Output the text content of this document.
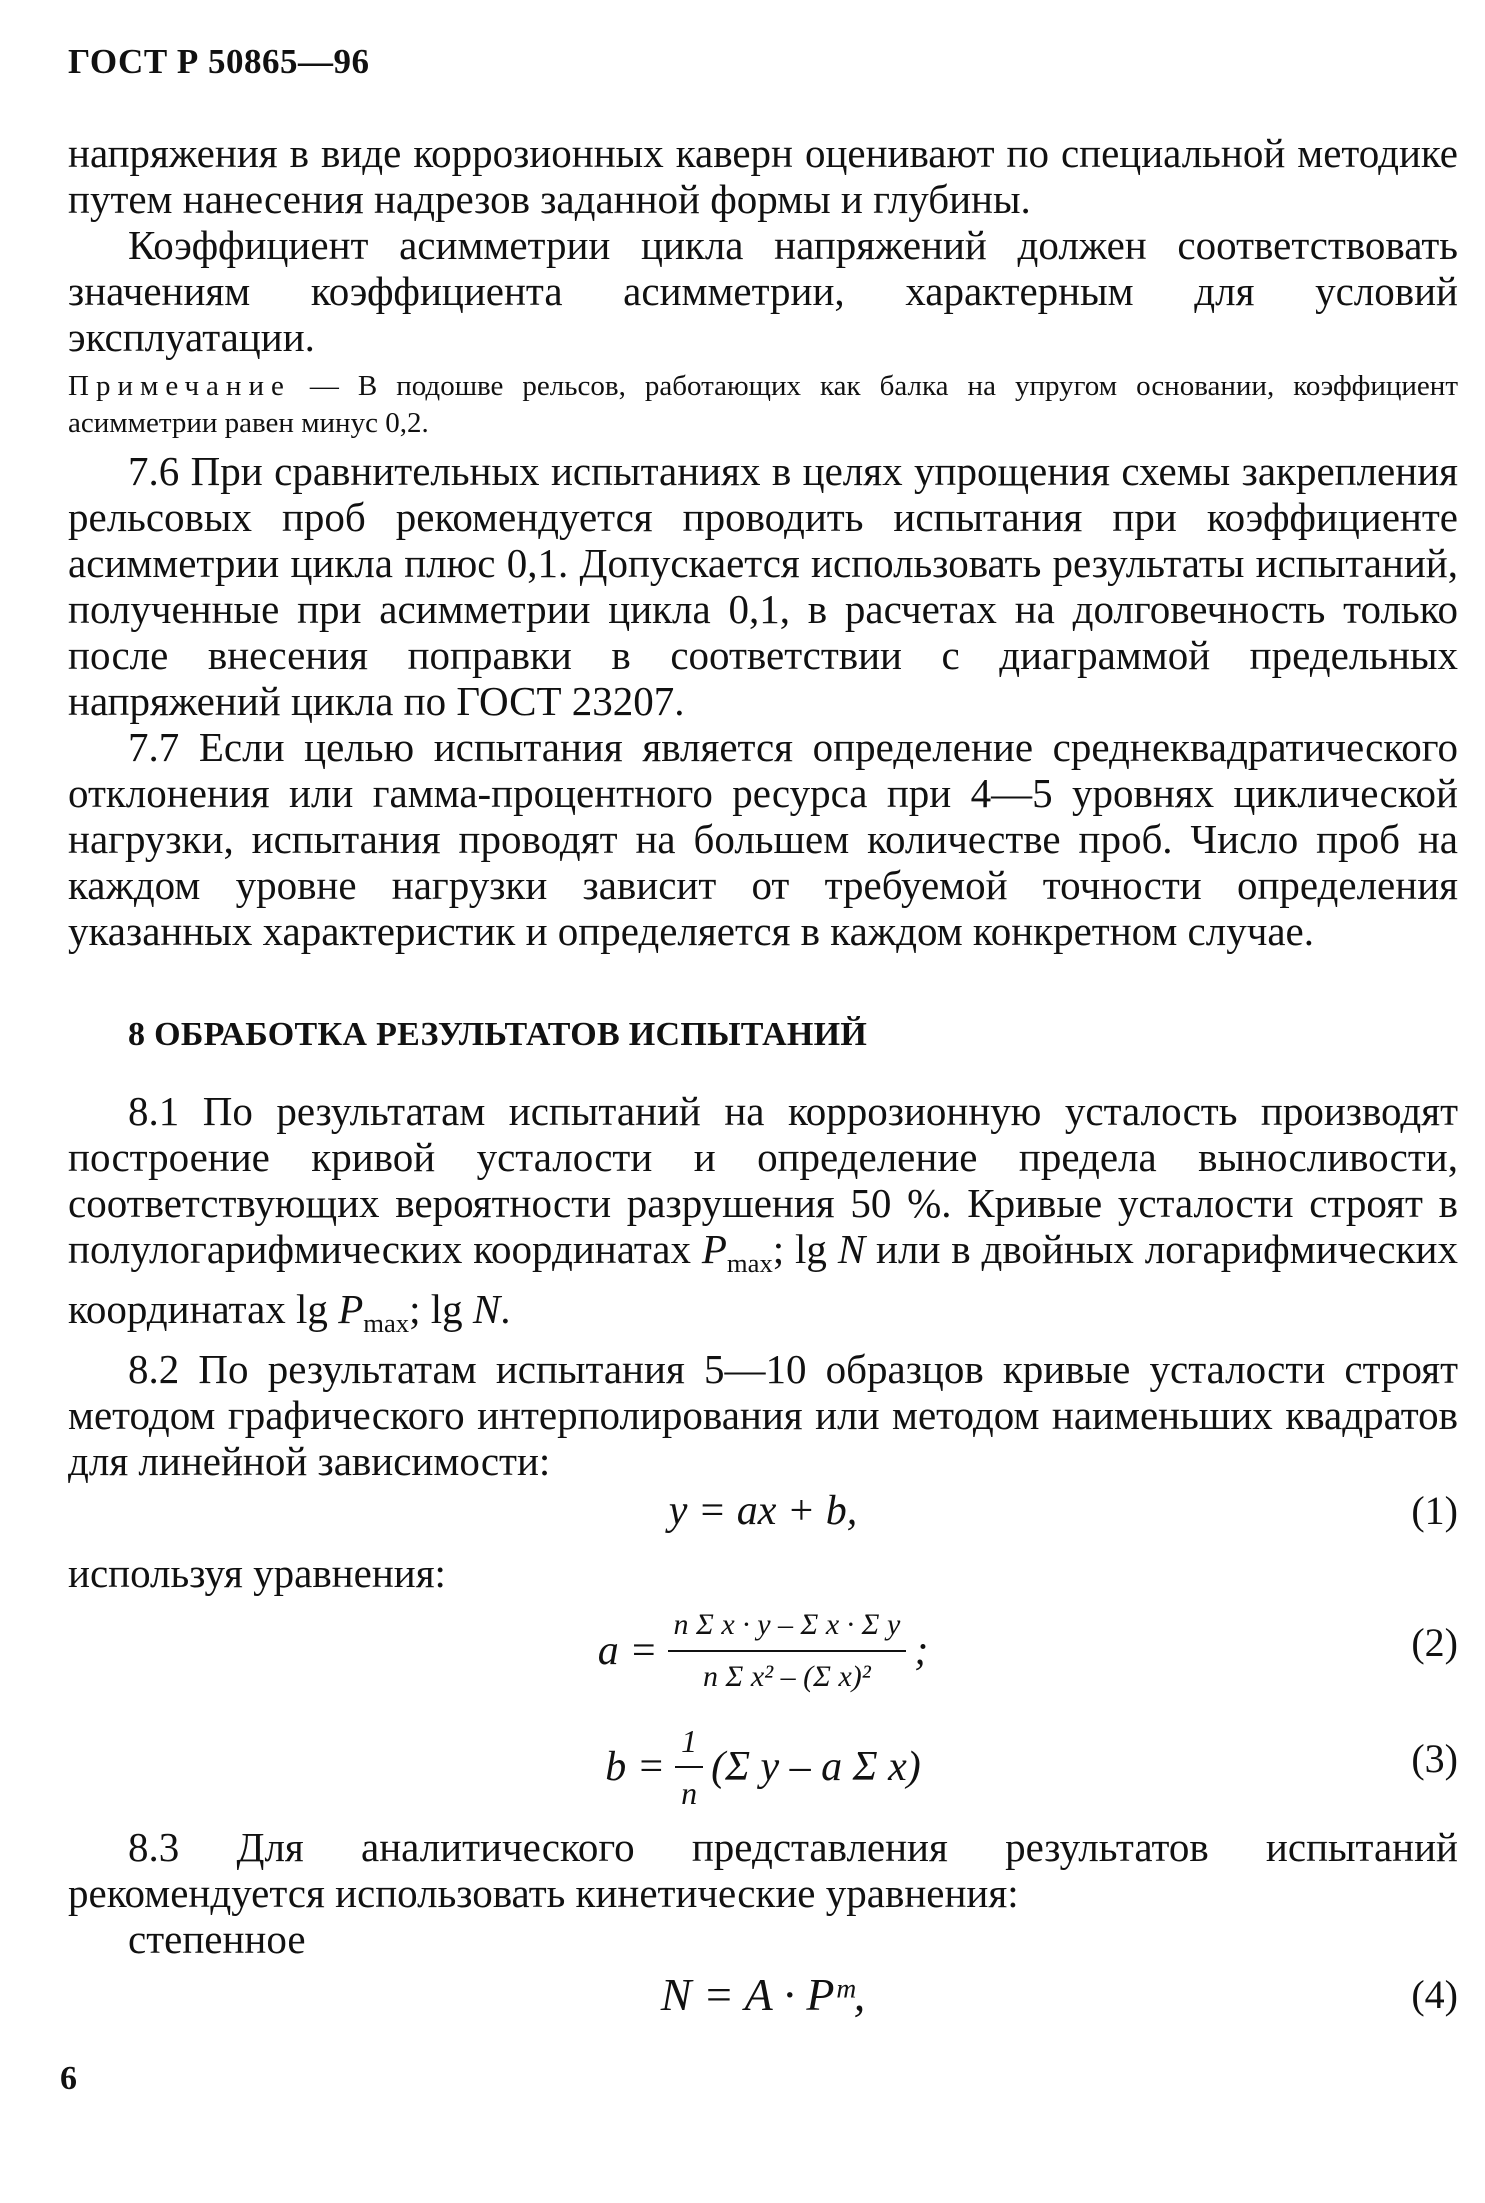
ГОСТ Р 50865—96

напряжения в виде коррозионных каверн оценивают по специальной методике путем нанесения надрезов заданной формы и глубины.

Коэффициент асимметрии цикла напряжений должен соответствовать значениям коэффициента асимметрии, характерным для условий эксплуатации.

Примечание — В подошве рельсов, работающих как балка на упругом основании, коэффициент асимметрии равен минус 0,2.

7.6 При сравнительных испытаниях в целях упрощения схемы закрепления рельсовых проб рекомендуется проводить испытания при коэффициенте асимметрии цикла плюс 0,1. Допускается использовать результаты испытаний, полученные при асимметрии цикла 0,1, в расчетах на долговечность только после внесения поправки в соответствии с диаграммой предельных напряжений цикла по ГОСТ 23207.

7.7 Если целью испытания является определение среднеквадратического отклонения или гамма-процентного ресурса при 4—5 уровнях циклической нагрузки, испытания проводят на большем количестве проб. Число проб на каждом уровне нагрузки зависит от требуемой точности определения указанных характеристик и определяется в каждом конкретном случае.

8 ОБРАБОТКА РЕЗУЛЬТАТОВ ИСПЫТАНИЙ

8.1 По результатам испытаний на коррозионную усталость производят построение кривой усталости и определение предела выносливости, соответствующих вероятности разрушения 50 %. Кривые усталости строят в полулогарифмических координатах $P_{max}$; lg N или в двойных логарифмических координатах $\lg P_{max}$; lg N.

8.2 По результатам испытания 5—10 образцов кривые усталости строят методом графического интерполирования или методом наименьших квадратов для линейной зависимости:

y = ax + b,	(1)

используя уравнения:

$a = \frac{\text{n Σ x · y – Σ x · Σ y}}{\text{n Σ x² – (Σ x)²}}$ ;	(2)
$b = \frac{1}{n} (\Sigma$ y – a Σ x)	(3)

8.3 Для аналитического представления результатов испытаний рекомендуется использовать кинетические уравнения:

степенное

N = A · Pᵐ,	(4)
6
